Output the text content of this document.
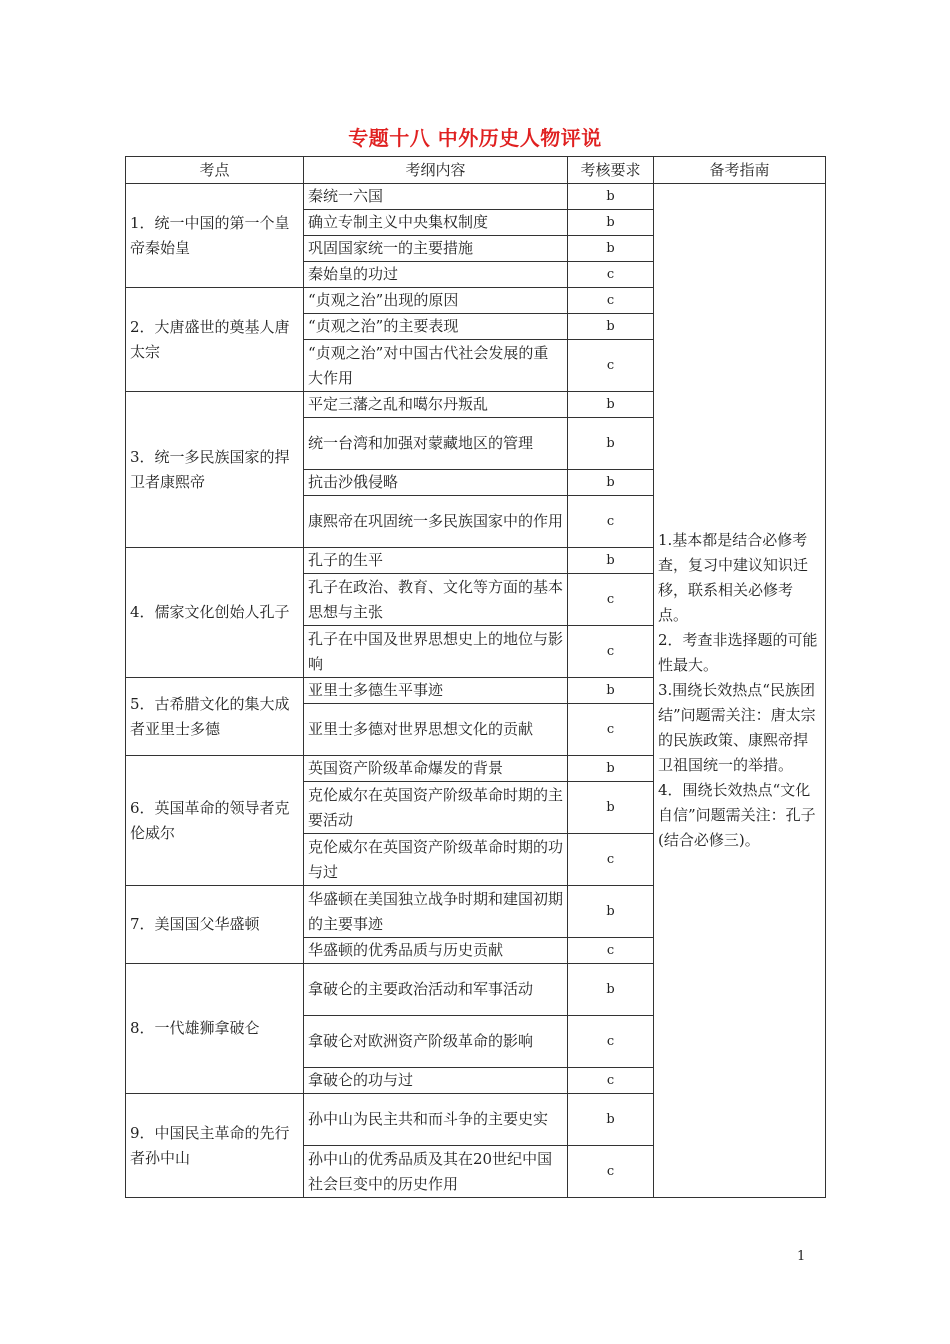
专题十八 中外历史人物评说
考点	考纲内容	考核要求	备考指南
1．统一中国的第一个皇帝秦始皇	秦统一六国	b	1.基本都是结合必修考查，复习中建议知识迁移，联系相关必修考点。
2．考查非选择题的可能性最大。
3.围绕长效热点“民族团结”问题需关注：唐太宗的民族政策、康熙帝捍卫祖国统一的举措。
4．围绕长效热点“文化自信”问题需关注：孔子(结合必修三)。

	确立专制主义中央集权制度	b	
	巩固国家统一的主要措施	b	
	秦始皇的功过	c	
2．大唐盛世的奠基人唐太宗	“贞观之治”出现的原因	c	
	“贞观之治”的主要表现	b	
	“贞观之治”对中国古代社会发展的重大作用	c	
3．统一多民族国家的捍卫者康熙帝	平定三藩之乱和噶尔丹叛乱	b	
	统一台湾和加强对蒙藏地区的管理	b	
	抗击沙俄侵略	b	
	康熙帝在巩固统一多民族国家中的作用	c	
4．儒家文化创始人孔子	孔子的生平	b	
	孔子在政治、教育、文化等方面的基本思想与主张	c	
	孔子在中国及世界思想史上的地位与影响	c	
5．古希腊文化的集大成者亚里士多德	亚里士多德生平事迹	b	
	亚里士多德对世界思想文化的贡献	c	
6．英国革命的领导者克伦威尔	英国资产阶级革命爆发的背景	b	
	克伦威尔在英国资产阶级革命时期的主要活动	b	
	克伦威尔在英国资产阶级革命时期的功与过	c	
7．美国国父华盛顿	华盛顿在美国独立战争时期和建国初期的主要事迹	b	
	华盛顿的优秀品质与历史贡献	c	
8．一代雄狮拿破仑	拿破仑的主要政治活动和军事活动	b	
	拿破仑对欧洲资产阶级革命的影响	c	
	拿破仑的功与过	c	
9．中国民主革命的先行者孙中山	孙中山为民主共和而斗争的主要史实	b	
	孙中山的优秀品质及其在20世纪中国社会巨变中的历史作用	c	
1
